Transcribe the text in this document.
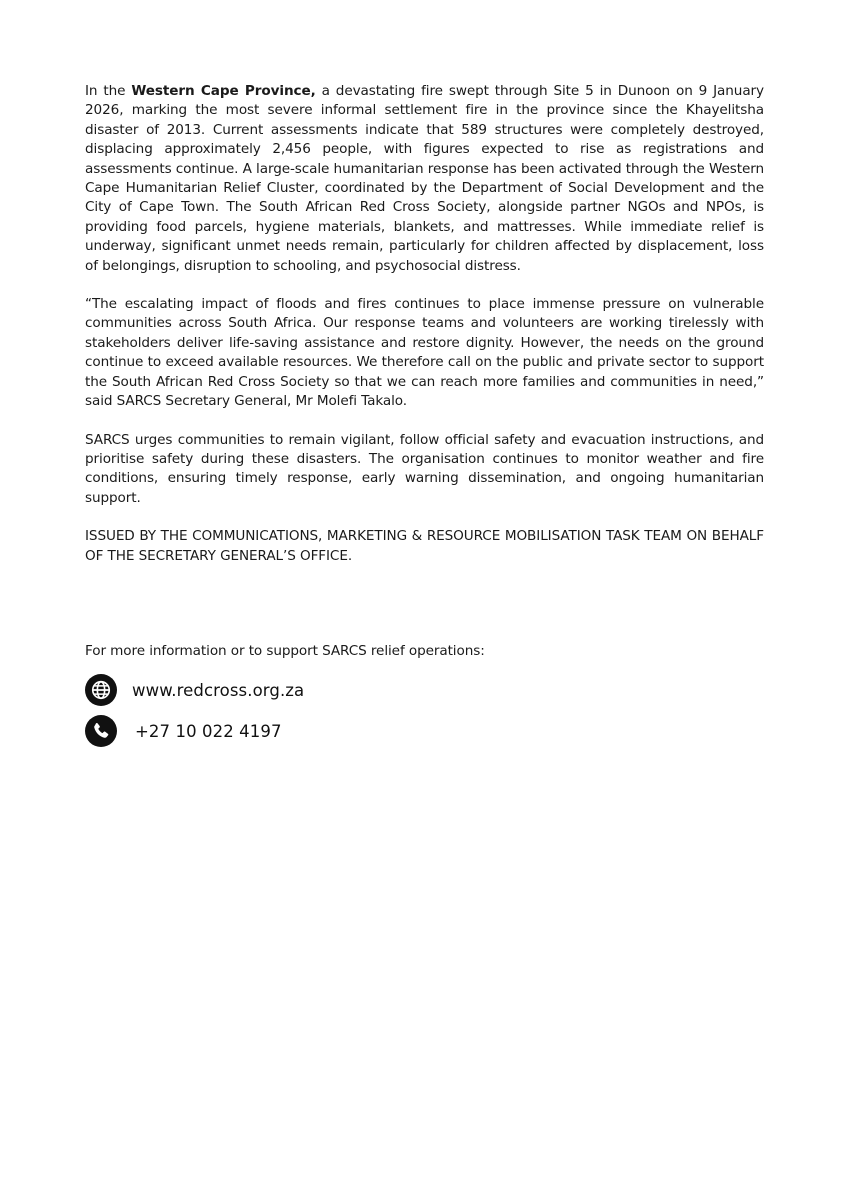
In the Western Cape Province, a devastating fire swept through Site 5 in Dunoon on 9 January 2026, marking the most severe informal settlement fire in the province since the Khayelitsha disaster of 2013. Current assessments indicate that 589 structures were completely destroyed, displacing approximately 2,456 people, with figures expected to rise as registrations and assessments continue. A large-scale humanitarian response has been activated through the Western Cape Humanitarian Relief Cluster, coordinated by the Department of Social Development and the City of Cape Town. The South African Red Cross Society, alongside partner NGOs and NPOs, is providing food parcels, hygiene materials, blankets, and mattresses. While immediate relief is underway, significant unmet needs remain, particularly for children affected by displacement, loss of belongings, disruption to schooling, and psychosocial distress.

“The escalating impact of floods and fires continues to place immense pressure on vulnerable communities across South Africa. Our response teams and volunteers are working tirelessly with stakeholders deliver life-saving assistance and restore dignity. However, the needs on the ground continue to exceed available resources. We therefore call on the public and private sector to support the South African Red Cross Society so that we can reach more families and communities in need,” said SARCS Secretary General, Mr Molefi Takalo.

SARCS urges communities to remain vigilant, follow official safety and evacuation instructions, and prioritise safety during these disasters. The organisation continues to monitor weather and fire conditions, ensuring timely response, early warning dissemination, and ongoing humanitarian support.

ISSUED BY THE COMMUNICATIONS, MARKETING & RESOURCE MOBILISATION TASK TEAM ON BEHALF OF THE SECRETARY GENERAL’S OFFICE.

For more information or to support SARCS relief operations:
www.redcross.org.za
+27 10 022 4197
